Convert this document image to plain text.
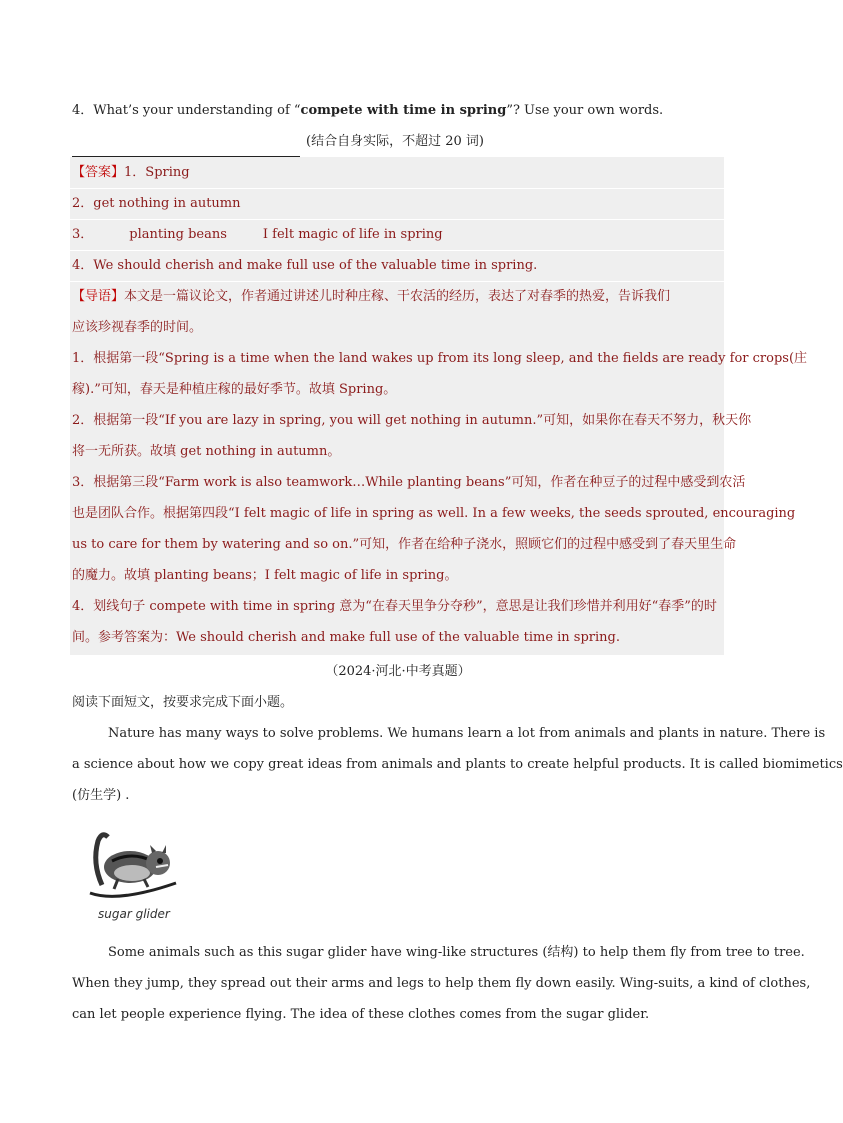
4．What’s your understanding of “compete with time in spring”? Use your own words.
(结合自身实际，不超过 20 词)
【答案】1．Spring
2．get nothing in autumn
3．	planting beans	I felt magic of life in spring
4．We should cherish and make full use of the valuable time in spring.
【导语】本文是一篇议论文，作者通过讲述儿时种庄稼、干农活的经历，表达了对春季的热爱，告诉我们
应该珍视春季的时间。
1．根据第一段“Spring is a time when the land wakes up from its long sleep, and the fields are ready for crops(庄
稼).”可知，春天是种植庄稼的最好季节。故填 Spring。
2．根据第一段“If you are lazy in spring, you will get nothing in autumn.”可知，如果你在春天不努力，秋天你
将一无所获。故填 get nothing in autumn。
3．根据第三段“Farm work is also teamwork…While planting beans”可知，作者在种豆子的过程中感受到农活
也是团队合作。根据第四段“I felt magic of life in spring as well. In a few weeks, the seeds sprouted, encouraging
us to care for them by watering and so on.”可知，作者在给种子浇水，照顾它们的过程中感受到了春天里生命
的魔力。故填 planting beans；I felt magic of life in spring。
4．划线句子 compete with time in spring 意为“在春天里争分夺秒”，意思是让我们珍惜并利用好“春季”的时
间。参考答案为：We should cherish and make full use of the valuable time in spring.
（2024·河北·中考真题）
阅读下面短文，按要求完成下面小题。
Nature has many ways to solve problems. We humans learn a lot from animals and plants in nature. There is
a science about how we copy great ideas from animals and plants to create helpful products. It is called biomimetics
(仿生学) .
sugar glider
Some animals such as this sugar glider have wing-like structures (结构) to help them fly from tree to tree.
When they jump, they spread out their arms and legs to help them fly down easily. Wing-suits, a kind of clothes,
can let people experience flying. The idea of these clothes comes from the sugar glider.
